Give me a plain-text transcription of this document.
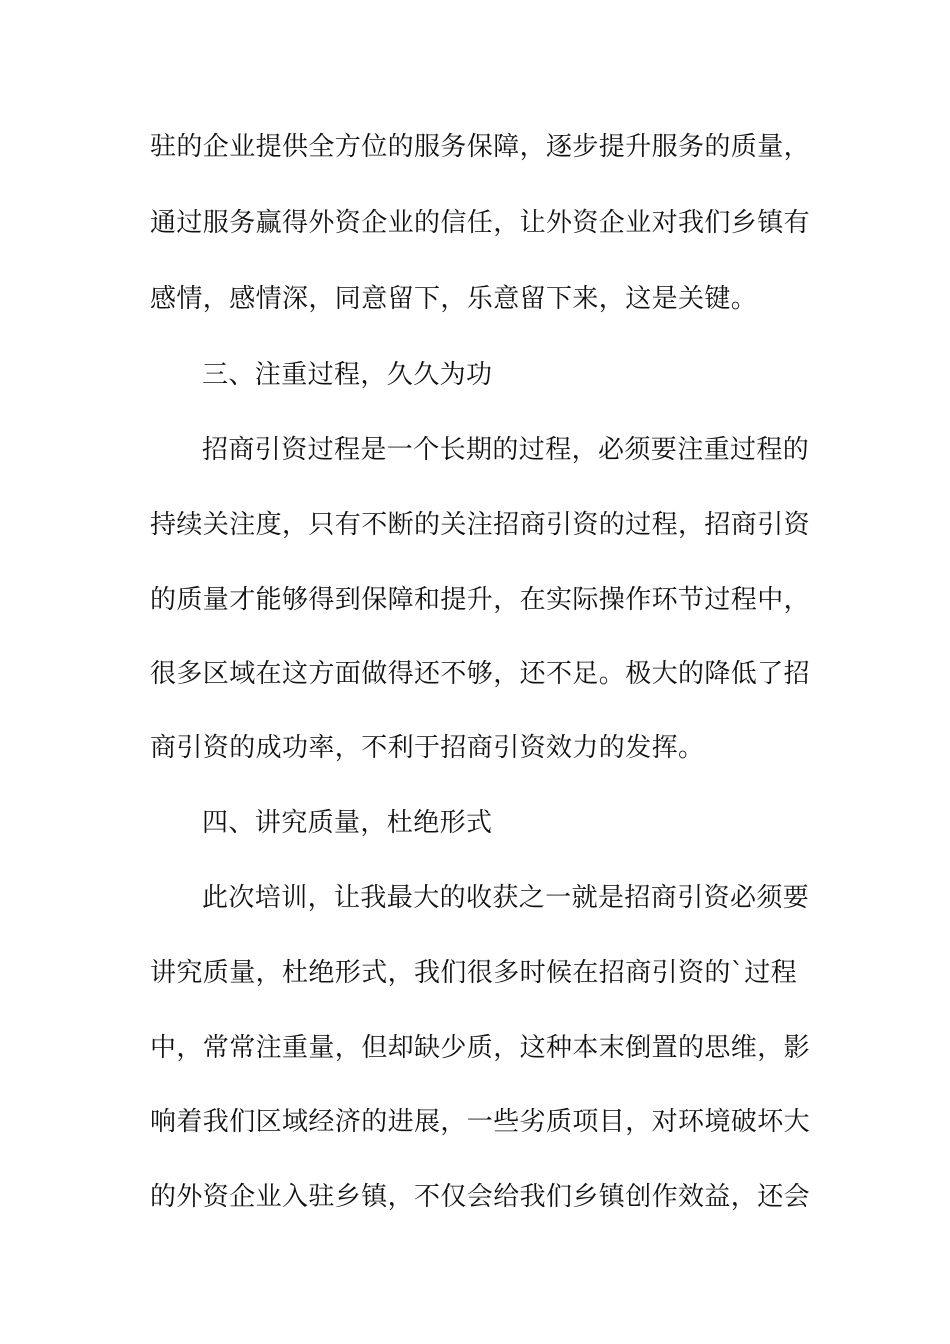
驻的企业提供全方位的服务保障，逐步提升服务的质量，
通过服务赢得外资企业的信任，让外资企业对我们乡镇有
感情，感情深，同意留下，乐意留下来，这是关键。
三、注重过程，久久为功
招商引资过程是一个长期的过程，必须要注重过程的
持续关注度，只有不断的关注招商引资的过程，招商引资
的质量才能够得到保障和提升，在实际操作环节过程中，
很多区域在这方面做得还不够，还不足。极大的降低了招
商引资的成功率，不利于招商引资效力的发挥。
四、讲究质量，杜绝形式
此次培训，让我最大的收获之一就是招商引资必须要
讲究质量，杜绝形式，我们很多时候在招商引资的`过程
中，常常注重量，但却缺少质，这种本末倒置的思维，影
响着我们区域经济的进展，一些劣质项目，对环境破坏大
的外资企业入驻乡镇，不仅会给我们乡镇创作效益，还会
